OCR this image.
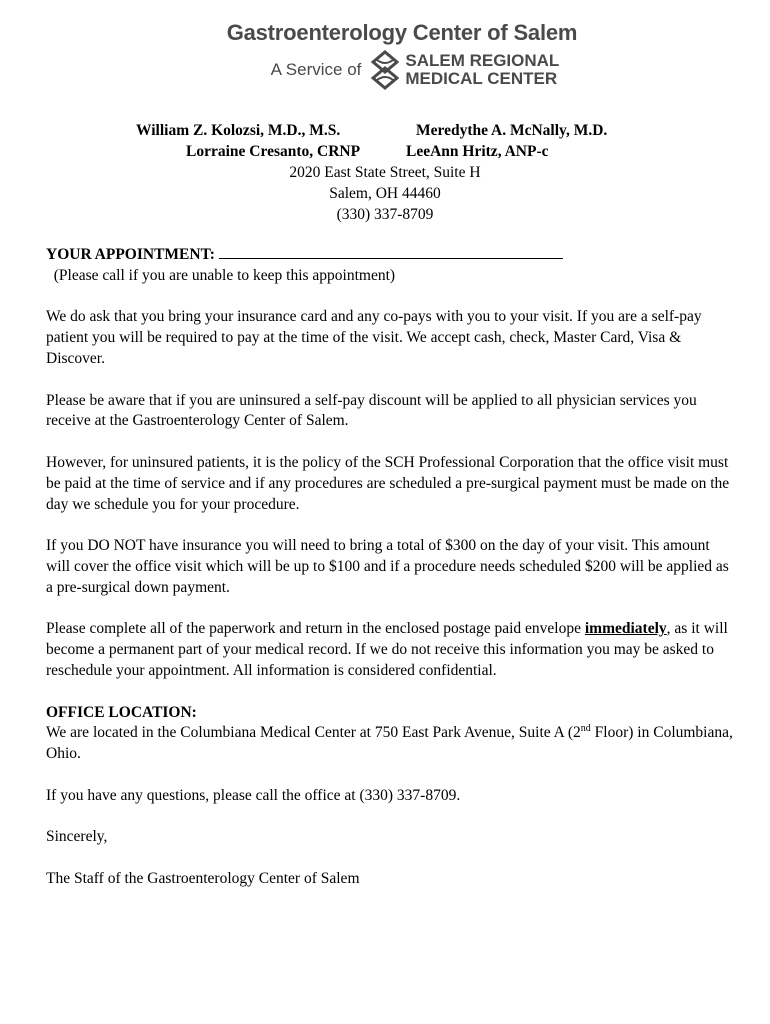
Gastroenterology Center of Salem
A Service of	SALEM REGIONAL
MEDICAL CENTER
William Z. Kolozsi, M.D., M.S.	Meredythe A. McNally, M.D.
Lorraine Cresanto, CRNP	LeeAnn Hritz, ANP-c
2020 East State Street, Suite H
Salem, OH 44460
(330) 337-8709

YOUR APPOINTMENT:
(Please call if you are unable to keep this appointment)

We do ask that you bring your insurance card and any co-pays with you to your visit. If you are a self-pay patient you will be required to pay at the time of the visit. We accept cash, check, Master Card, Visa & Discover.

Please be aware that if you are uninsured a self-pay discount will be applied to all physician services you receive at the Gastroenterology Center of Salem.

However, for uninsured patients, it is the policy of the SCH Professional Corporation that the office visit must be paid at the time of service and if any procedures are scheduled a pre-surgical payment must be made on the day we schedule you for your procedure.

If you DO NOT have insurance you will need to bring a total of $300 on the day of your visit. This amount will cover the office visit which will be up to $100 and if a procedure needs scheduled $200 will be applied as a pre-surgical down payment.

Please complete all of the paperwork and return in the enclosed postage paid envelope immediately, as it will become a permanent part of your medical record. If we do not receive this information you may be asked to reschedule your appointment. All information is considered confidential.

OFFICE LOCATION:
We are located in the Columbiana Medical Center at 750 East Park Avenue, Suite A (2nd Floor) in Columbiana, Ohio.

If you have any questions, please call the office at (330) 337-8709.

Sincerely,

The Staff of the Gastroenterology Center of Salem
